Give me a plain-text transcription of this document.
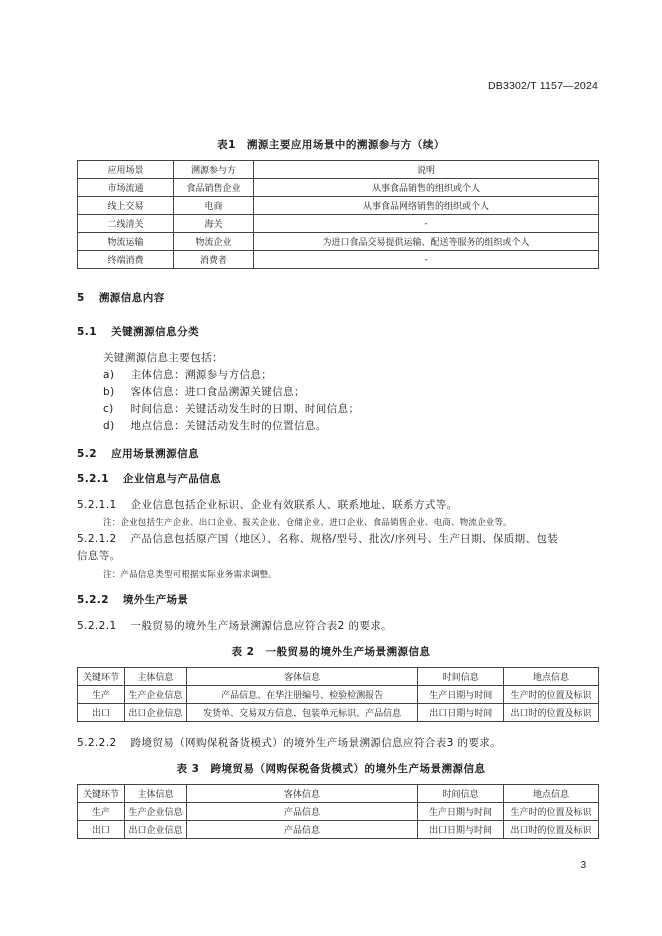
DB3302/T 1157—2024
表1　溯源主要应用场景中的溯源参与方（续）
应用场景	溯源参与方	说明
市场流通	食品销售企业	从事食品销售的组织或个人
线上交易	电商	从事食品网络销售的组织或个人
二线清关	海关	-
物流运输	物流企业	为进口食品交易提供运输、配送等服务的组织或个人
终端消费	消费者	-
5 溯源信息内容
5.1 关键溯源信息分类
关键溯源信息主要包括：
a) 主体信息：溯源参与方信息；
b) 客体信息：进口食品溯源关键信息；
c) 时间信息：关键活动发生时的日期、时间信息；
d) 地点信息：关键活动发生时的位置信息。
5.2 应用场景溯源信息
5.2.1 企业信息与产品信息
5.2.1.1 企业信息包括企业标识、企业有效联系人、联系地址、联系方式等。
注：企业包括生产企业、出口企业、报关企业、仓储企业、进口企业、食品销售企业、电商、物流企业等。
5.2.1.2 产品信息包括原产国（地区）、名称、规格/型号、批次/序列号、生产日期、保质期、包装
信息等。
注：产品信息类型可根据实际业务需求调整。
5.2.2 境外生产场景
5.2.2.1 一般贸易的境外生产场景溯源信息应符合表2 的要求。
表 2　一般贸易的境外生产场景溯源信息
关键环节	主体信息	客体信息	时间信息	地点信息
生产	生产企业信息	产品信息、在华注册编号、检验检测报告	生产日期与时间	生产时的位置及标识
出口	出口企业信息	发货单、交易双方信息、包装单元标识、产品信息	出口日期与时间	出口时的位置及标识
5.2.2.2 跨境贸易（网购保税备货模式）的境外生产场景溯源信息应符合表3 的要求。
表 3　跨境贸易（网购保税备货模式）的境外生产场景溯源信息
关键环节	主体信息	客体信息	时间信息	地点信息
生产	生产企业信息	产品信息	生产日期与时间	生产时的位置及标识
出口	出口企业信息	产品信息	出口日期与时间	出口时的位置及标识
3
